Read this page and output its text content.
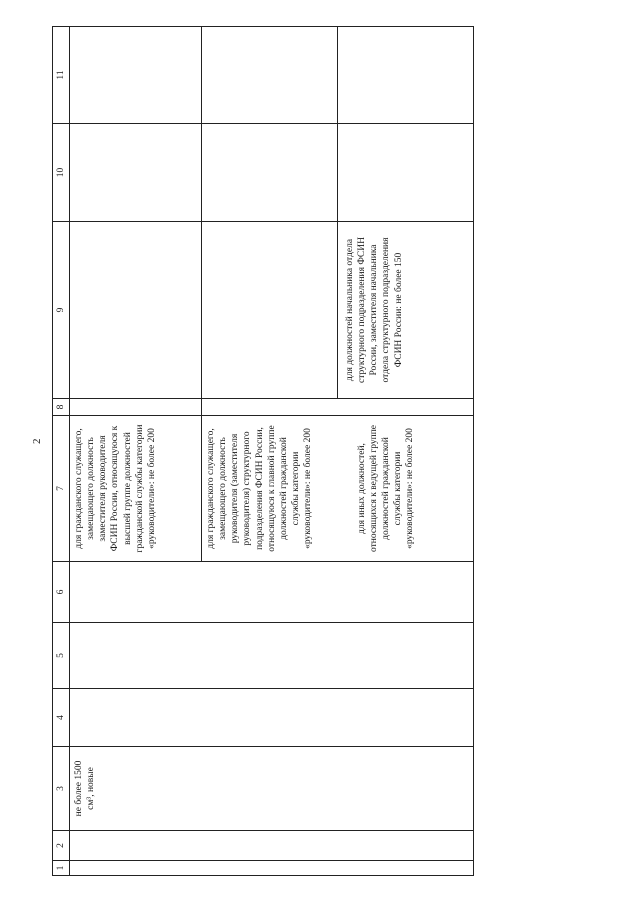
2
1	2	3	4	5	6	7	8	9	10	11

		не более 1500 см³, новые				для гражданского служащего, замещающего должность заместителя руководителя ФСИН России, относящуюся к высшей группе должностей гражданской службы категории «руководители»: не более 200				

						для гражданского служащего, замещающего должность руководителя (заместителя руководителя) структурного подразделения ФСИН России, относящуюся к главной группе должностей гражданской службы категории «руководители»: не более 200				

						для иных должностей, относящихся к ведущей группе должностей гражданской службы категории «руководители»: не более 200		для должностей начальника отдела структурного подразделения ФСИН России, заместителя начальника отдела структурного подразделения ФСИН России: не более 150		
